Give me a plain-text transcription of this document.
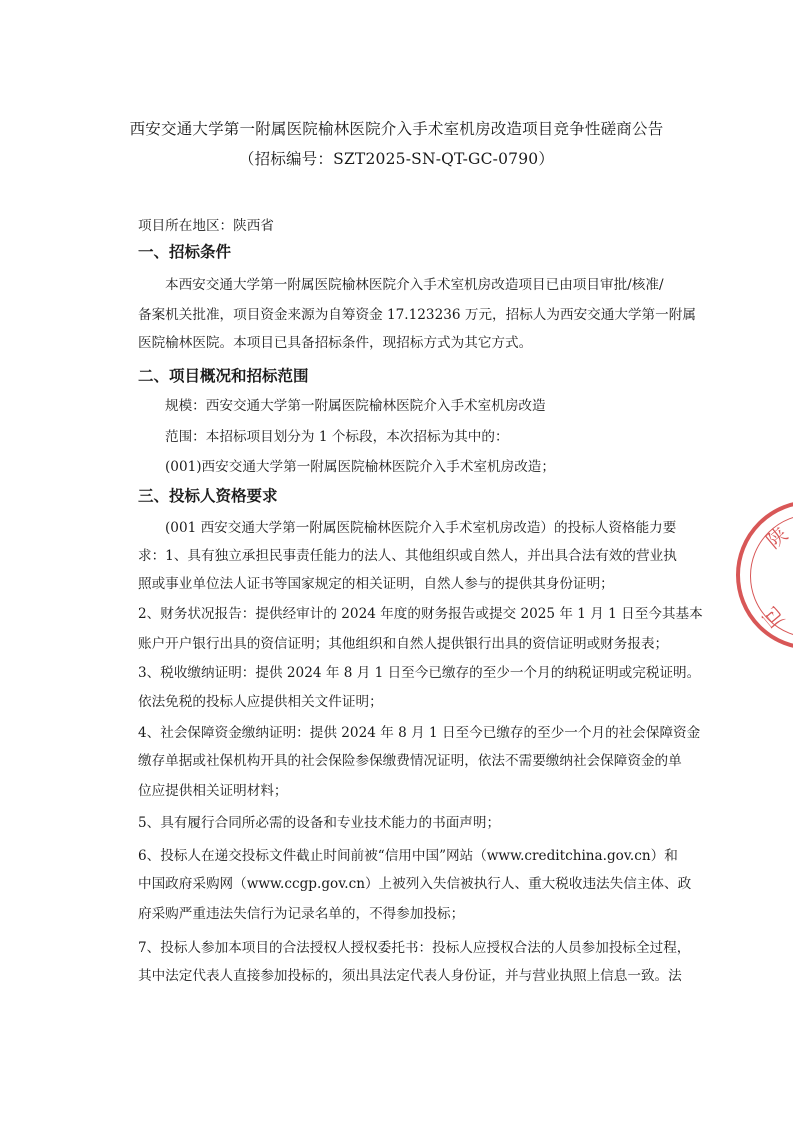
西安交通大学第一附属医院榆林医院介入手术室机房改造项目竞争性磋商公告
（招标编号：SZT2025-SN-QT-GC-0790）
项目所在地区：陕西省
一、招标条件
本西安交通大学第一附属医院榆林医院介入手术室机房改造项目已由项目审批/核准/
备案机关批准，项目资金来源为自筹资金 17.123236 万元，招标人为西安交通大学第一附属
医院榆林医院。本项目已具备招标条件，现招标方式为其它方式。
二、项目概况和招标范围
规模：西安交通大学第一附属医院榆林医院介入手术室机房改造
范围：本招标项目划分为 1 个标段，本次招标为其中的：
(001)西安交通大学第一附属医院榆林医院介入手术室机房改造；
三、投标人资格要求
(001 西安交通大学第一附属医院榆林医院介入手术室机房改造）的投标人资格能力要
求：1、具有独立承担民事责任能力的法人、其他组织或自然人，并出具合法有效的营业执
照或事业单位法人证书等国家规定的相关证明，自然人参与的提供其身份证明；
2、财务状况报告：提供经审计的 2024 年度的财务报告或提交 2025 年 1 月 1 日至今其基本
账户开户银行出具的资信证明；其他组织和自然人提供银行出具的资信证明或财务报表；
3、税收缴纳证明：提供 2024 年 8 月 1 日至今已缴存的至少一个月的纳税证明或完税证明。
依法免税的投标人应提供相关文件证明；
4、社会保障资金缴纳证明：提供 2024 年 8 月 1 日至今已缴存的至少一个月的社会保障资金
缴存单据或社保机构开具的社会保险参保缴费情况证明，依法不需要缴纳社会保障资金的单
位应提供相关证明材料；
5、具有履行合同所必需的设备和专业技术能力的书面声明；
6、投标人在递交投标文件截止时间前被“信用中国”网站（www.creditchina.gov.cn）和
中国政府采购网（www.ccgp.gov.cn）上被列入失信被执行人、重大税收违法失信主体、政
府采购严重违法失信行为记录名单的，不得参加投标；
7、投标人参加本项目的合法授权人授权委托书：投标人应授权合法的人员参加投标全过程，
其中法定代表人直接参加投标的，须出具法定代表人身份证，并与营业执照上信息一致。法
陕
厄
